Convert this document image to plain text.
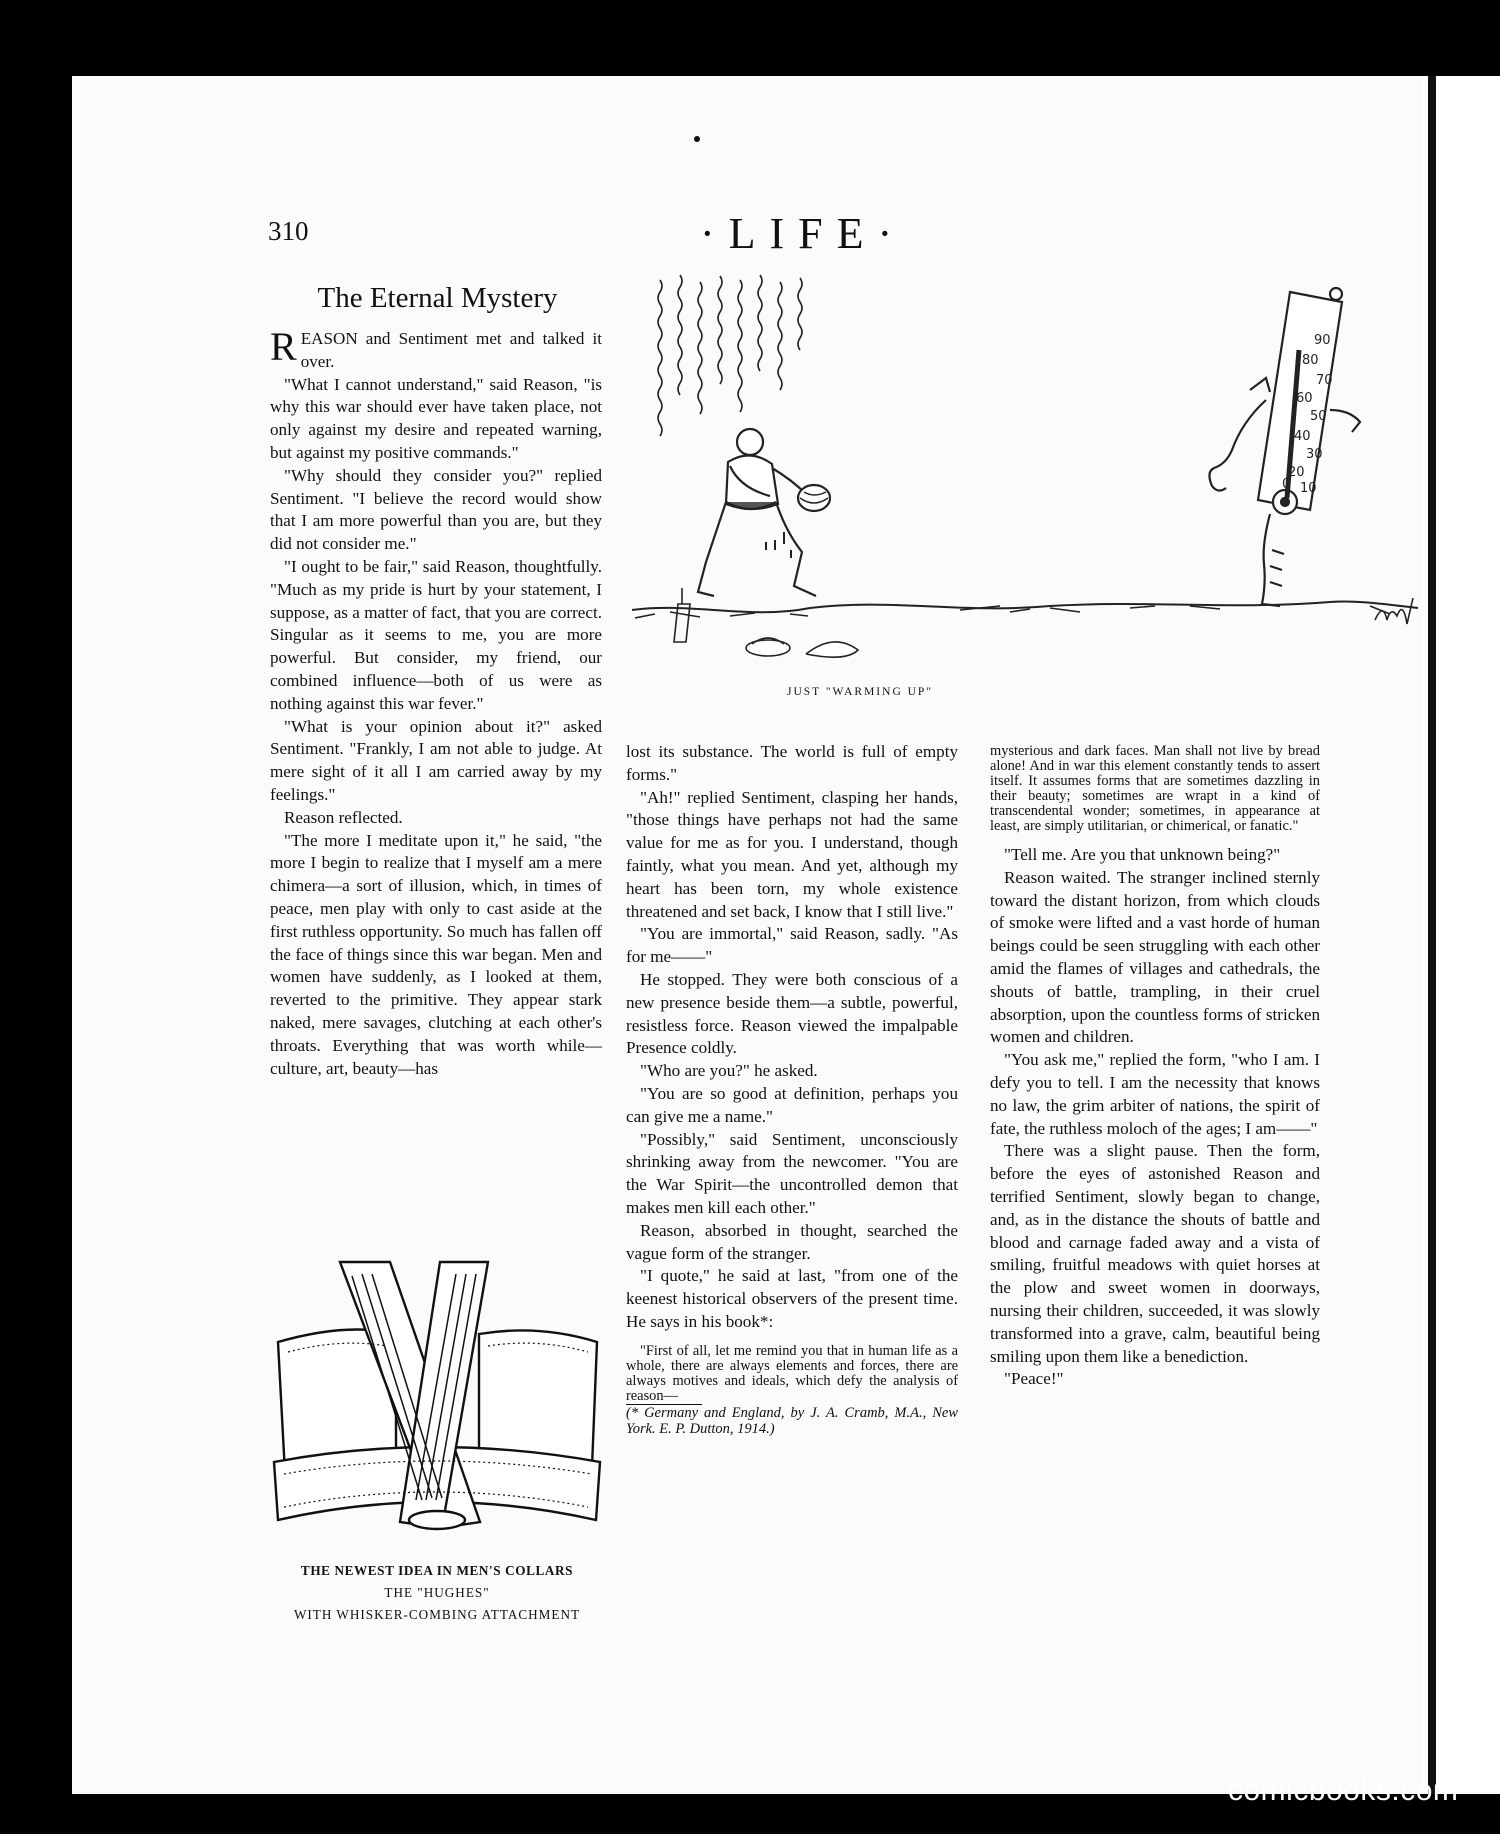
310	·LIFE·
90
80
70
60
50
40
30
20
10
0
JUST "WARMING UP"
The Eternal Mystery

REASON and Sentiment met and talked it over.

"What I cannot understand," said Reason, "is why this war should ever have taken place, not only against my desire and repeated warning, but against my positive commands."

"Why should they consider you?" replied Sentiment. "I believe the record would show that I am more powerful than you are, but they did not consider me."

"I ought to be fair," said Reason, thoughtfully. "Much as my pride is hurt by your statement, I suppose, as a matter of fact, that you are correct. Singular as it seems to me, you are more powerful. But consider, my friend, our combined influence—both of us were as nothing against this war fever."

"What is your opinion about it?" asked Sentiment. "Frankly, I am not able to judge. At mere sight of it all I am carried away by my feelings."

Reason reflected.

"The more I meditate upon it," he said, "the more I begin to realize that I myself am a mere chimera—a sort of illusion, which, in times of peace, men play with only to cast aside at the first ruthless opportunity. So much has fallen off the face of things since this war began. Men and women have suddenly, as I looked at them, reverted to the primitive. They appear stark naked, mere savages, clutching at each other's throats. Everything that was worth while—culture, art, beauty—has

lost its substance. The world is full of empty forms."

"Ah!" replied Sentiment, clasping her hands, "those things have perhaps not had the same value for me as for you. I understand, though faintly, what you mean. And yet, although my heart has been torn, my whole existence threatened and set back, I know that I still live."

"You are immortal," said Reason, sadly. "As for me——"

He stopped. They were both conscious of a new presence beside them—a subtle, powerful, resistless force. Reason viewed the impalpable Presence coldly.

"Who are you?" he asked.

"You are so good at definition, perhaps you can give me a name."

"Possibly," said Sentiment, unconsciously shrinking away from the newcomer. "You are the War Spirit—the uncontrolled demon that makes men kill each other."

Reason, absorbed in thought, searched the vague form of the stranger.

"I quote," he said at last, "from one of the keenest historical observers of the present time. He says in his book*:

"First of all, let me remind you that in human life as a whole, there are always elements and forces, there are always motives and ideals, which defy the analysis of reason—

(* Germany and England, by J. A. Cramb, M.A., New York. E. P. Dutton, 1914.)

mysterious and dark faces. Man shall not live by bread alone! And in war this element constantly tends to assert itself. It assumes forms that are sometimes dazzling in their beauty; sometimes are wrapt in a kind of transcendental wonder; sometimes, in appearance at least, are simply utilitarian, or chimerical, or fanatic."

"Tell me. Are you that unknown being?"

Reason waited. The stranger inclined sternly toward the distant horizon, from which clouds of smoke were lifted and a vast horde of human beings could be seen struggling with each other amid the flames of villages and cathedrals, the shouts of battle, trampling, in their cruel absorption, upon the countless forms of stricken women and children.

"You ask me," replied the form, "who I am. I defy you to tell. I am the necessity that knows no law, the grim arbiter of nations, the spirit of fate, the ruthless moloch of the ages; I am——"

There was a slight pause. Then the form, before the eyes of astonished Reason and terrified Sentiment, slowly began to change, and, as in the distance the shouts of battle and blood and carnage faded away and a vista of smiling, fruitful meadows with quiet horses at the plow and sweet women in doorways, nursing their children, succeeded, it was slowly transformed into a grave, calm, beautiful being smiling upon them like a benediction.

"Peace!"

THE NEWEST IDEA IN MEN'S COLLARS
THE "HUGHES"
WITH WHISKER-COMBING ATTACHMENT
comicbooks.com
